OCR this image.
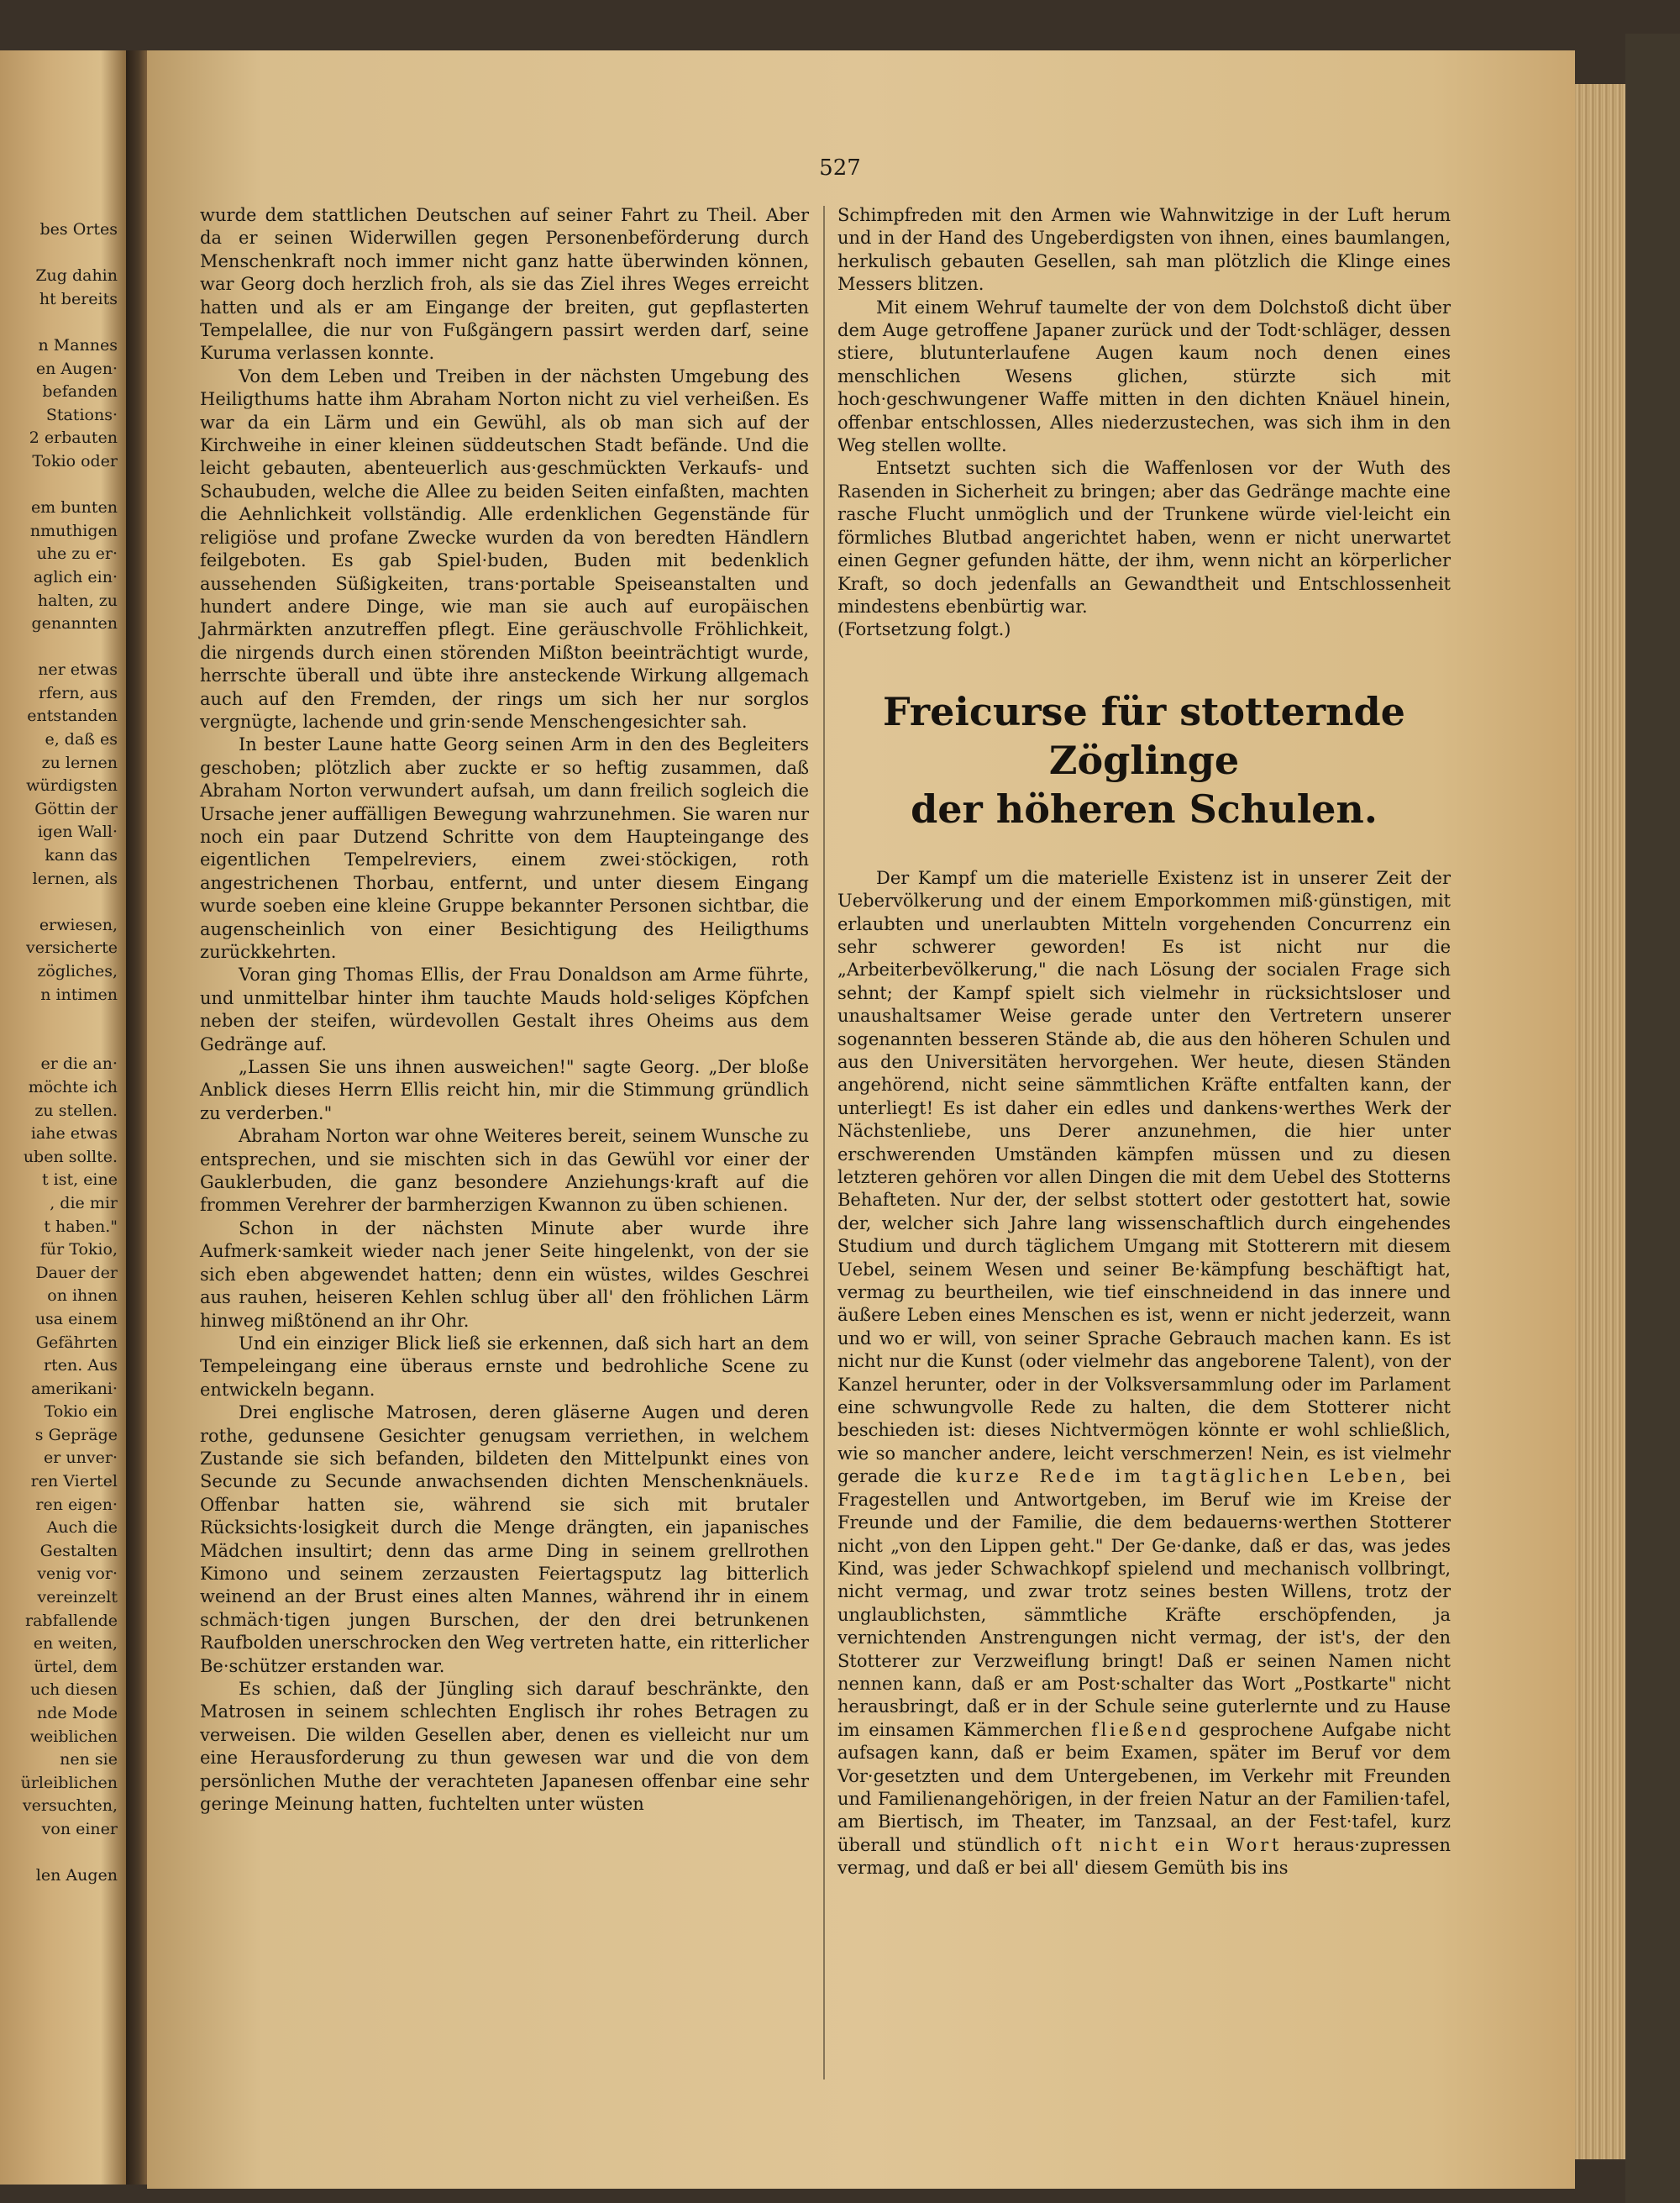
bes Ortes
Zug dahin
ht bereits
n Mannes
en Augen·
befanden
Stations·
2 erbauten
Tokio oder
em bunten
nmuthigen
uhe zu er·
aglich ein·
halten, zu
genannten
ner etwas
rfern, aus
entstanden
e, daß es
zu lernen
würdigsten
Göttin der
igen Wall·
kann das
lernen, als
erwiesen,
versicherte
zögliches,
n intimen
er die an·
möchte ich
zu stellen.
iahe etwas
uben sollte.
t ist, eine
, die mir
t haben."
für Tokio,
Dauer der
on ihnen
usa einem
Gefährten
rten. Aus
amerikani·
Tokio ein
s Gepräge
er unver·
ren Viertel
ren eigen·
Auch die
Gestalten
venig vor·
vereinzelt
rabfallende
en weiten,
ürtel, dem
uch diesen
nde Mode
weiblichen
nen sie
ürleiblichen
versuchten,
von einer
len Augen
527

wurde dem stattlichen Deutschen auf seiner Fahrt zu Theil. Aber da er seinen Widerwillen gegen Personenbeförderung durch Menschenkraft noch immer nicht ganz hatte überwinden können, war Georg doch herzlich froh, als sie das Ziel ihres Weges erreicht hatten und als er am Eingange der breiten, gut gepflasterten Tempelallee, die nur von Fußgängern passirt werden darf, seine Kuruma verlassen konnte.

Von dem Leben und Treiben in der nächsten Umgebung des Heiligthums hatte ihm Abraham Norton nicht zu viel verheißen. Es war da ein Lärm und ein Gewühl, als ob man sich auf der Kirchweihe in einer kleinen süddeutschen Stadt befände. Und die leicht gebauten, abenteuerlich aus·geschmückten Verkaufs- und Schaubuden, welche die Allee zu beiden Seiten einfaßten, machten die Aehnlichkeit vollständig. Alle erdenklichen Gegenstände für religiöse und profane Zwecke wurden da von beredten Händlern feilgeboten. Es gab Spiel·buden, Buden mit bedenklich aussehenden Süßigkeiten, trans·portable Speiseanstalten und hundert andere Dinge, wie man sie auch auf europäischen Jahrmärkten anzutreffen pflegt. Eine geräuschvolle Fröhlichkeit, die nirgends durch einen störenden Mißton beeinträchtigt wurde, herrschte überall und übte ihre ansteckende Wirkung allgemach auch auf den Fremden, der rings um sich her nur sorglos vergnügte, lachende und grin·sende Menschengesichter sah.

In bester Laune hatte Georg seinen Arm in den des Begleiters geschoben; plötzlich aber zuckte er so heftig zusammen, daß Abraham Norton verwundert aufsah, um dann freilich sogleich die Ursache jener auffälligen Bewegung wahrzunehmen. Sie waren nur noch ein paar Dutzend Schritte von dem Haupteingange des eigentlichen Tempelreviers, einem zwei·stöckigen, roth angestrichenen Thorbau, entfernt, und unter diesem Eingang wurde soeben eine kleine Gruppe bekannter Personen sichtbar, die augenscheinlich von einer Besichtigung des Heiligthums zurückkehrten.

Voran ging Thomas Ellis, der Frau Donaldson am Arme führte, und unmittelbar hinter ihm tauchte Mauds hold·seliges Köpfchen neben der steifen, würdevollen Gestalt ihres Oheims aus dem Gedränge auf.

„Lassen Sie uns ihnen ausweichen!" sagte Georg. „Der bloße Anblick dieses Herrn Ellis reicht hin, mir die Stimmung gründlich zu verderben."

Abraham Norton war ohne Weiteres bereit, seinem Wunsche zu entsprechen, und sie mischten sich in das Gewühl vor einer der Gauklerbuden, die ganz besondere Anziehungs·kraft auf die frommen Verehrer der barmherzigen Kwannon zu üben schienen.

Schon in der nächsten Minute aber wurde ihre Aufmerk·samkeit wieder nach jener Seite hingelenkt, von der sie sich eben abgewendet hatten; denn ein wüstes, wildes Geschrei aus rauhen, heiseren Kehlen schlug über all' den fröhlichen Lärm hinweg mißtönend an ihr Ohr.

Und ein einziger Blick ließ sie erkennen, daß sich hart an dem Tempeleingang eine überaus ernste und bedrohliche Scene zu entwickeln begann.

Drei englische Matrosen, deren gläserne Augen und deren rothe, gedunsene Gesichter genugsam verriethen, in welchem Zustande sie sich befanden, bildeten den Mittelpunkt eines von Secunde zu Secunde anwachsenden dichten Menschenknäuels. Offenbar hatten sie, während sie sich mit brutaler Rücksichts·losigkeit durch die Menge drängten, ein japanisches Mädchen insultirt; denn das arme Ding in seinem grellrothen Kimono und seinem zerzausten Feiertagsputz lag bitterlich weinend an der Brust eines alten Mannes, während ihr in einem schmäch·tigen jungen Burschen, der den drei betrunkenen Raufbolden unerschrocken den Weg vertreten hatte, ein ritterlicher Be·schützer erstanden war.

Es schien, daß der Jüngling sich darauf beschränkte, den Matrosen in seinem schlechten Englisch ihr rohes Betragen zu verweisen. Die wilden Gesellen aber, denen es vielleicht nur um eine Herausforderung zu thun gewesen war und die von dem persönlichen Muthe der verachteten Japanesen offenbar eine sehr geringe Meinung hatten, fuchtelten unter wüsten

Schimpfreden mit den Armen wie Wahnwitzige in der Luft herum und in der Hand des Ungeberdigsten von ihnen, eines baumlangen, herkulisch gebauten Gesellen, sah man plötzlich die Klinge eines Messers blitzen.

Mit einem Wehruf taumelte der von dem Dolchstoß dicht über dem Auge getroffene Japaner zurück und der Todt·schläger, dessen stiere, blutunterlaufene Augen kaum noch denen eines menschlichen Wesens glichen, stürzte sich mit hoch·geschwungener Waffe mitten in den dichten Knäuel hinein, offenbar entschlossen, Alles niederzustechen, was sich ihm in den Weg stellen wollte.

Entsetzt suchten sich die Waffenlosen vor der Wuth des Rasenden in Sicherheit zu bringen; aber das Gedränge machte eine rasche Flucht unmöglich und der Trunkene würde viel·leicht ein förmliches Blutbad angerichtet haben, wenn er nicht unerwartet einen Gegner gefunden hätte, der ihm, wenn nicht an körperlicher Kraft, so doch jedenfalls an Gewandtheit und Entschlossenheit mindestens ebenbürtig war.

(Fortsetzung folgt.)

Freicurse für stotternde Zöglinge
der höheren Schulen.

Der Kampf um die materielle Existenz ist in unserer Zeit der Uebervölkerung und der einem Emporkommen miß·günstigen, mit erlaubten und unerlaubten Mitteln vorgehenden Concurrenz ein sehr schwerer geworden! Es ist nicht nur die „Arbeiterbevölkerung," die nach Lösung der socialen Frage sich sehnt; der Kampf spielt sich vielmehr in rücksichtsloser und unaushaltsamer Weise gerade unter den Vertretern unserer sogenannten besseren Stände ab, die aus den höheren Schulen und aus den Universitäten hervorgehen. Wer heute, diesen Ständen angehörend, nicht seine sämmtlichen Kräfte entfalten kann, der unterliegt! Es ist daher ein edles und dankens·werthes Werk der Nächstenliebe, uns Derer anzunehmen, die hier unter erschwerenden Umständen kämpfen müssen und zu diesen letzteren gehören vor allen Dingen die mit dem Uebel des Stotterns Behafteten. Nur der, der selbst stottert oder gestottert hat, sowie der, welcher sich Jahre lang wissenschaftlich durch eingehendes Studium und durch täglichem Umgang mit Stotterern mit diesem Uebel, seinem Wesen und seiner Be·kämpfung beschäftigt hat, vermag zu beurtheilen, wie tief einschneidend in das innere und äußere Leben eines Menschen es ist, wenn er nicht jederzeit, wann und wo er will, von seiner Sprache Gebrauch machen kann. Es ist nicht nur die Kunst (oder vielmehr das angeborene Talent), von der Kanzel herunter, oder in der Volksversammlung oder im Parlament eine schwungvolle Rede zu halten, die dem Stotterer nicht beschieden ist: dieses Nichtvermögen könnte er wohl schließlich, wie so mancher andere, leicht verschmerzen! Nein, es ist vielmehr gerade die kurze Rede im tagtäglichen Leben, bei Fragestellen und Antwortgeben, im Beruf wie im Kreise der Freunde und der Familie, die dem bedauerns·werthen Stotterer nicht „von den Lippen geht." Der Ge·danke, daß er das, was jedes Kind, was jeder Schwachkopf spielend und mechanisch vollbringt, nicht vermag, und zwar trotz seines besten Willens, trotz der unglaublichsten, sämmtliche Kräfte erschöpfenden, ja vernichtenden Anstrengungen nicht vermag, der ist's, der den Stotterer zur Verzweiflung bringt! Daß er seinen Namen nicht nennen kann, daß er am Post·schalter das Wort „Postkarte" nicht herausbringt, daß er in der Schule seine guterlernte und zu Hause im einsamen Kämmerchen fließend gesprochene Aufgabe nicht aufsagen kann, daß er beim Examen, später im Beruf vor dem Vor·gesetzten und dem Untergebenen, im Verkehr mit Freunden und Familienangehörigen, in der freien Natur an der Familien·tafel, am Biertisch, im Theater, im Tanzsaal, an der Fest·tafel, kurz überall und stündlich oft nicht ein Wort heraus·zupressen vermag, und daß er bei all' diesem Gemüth bis ins
